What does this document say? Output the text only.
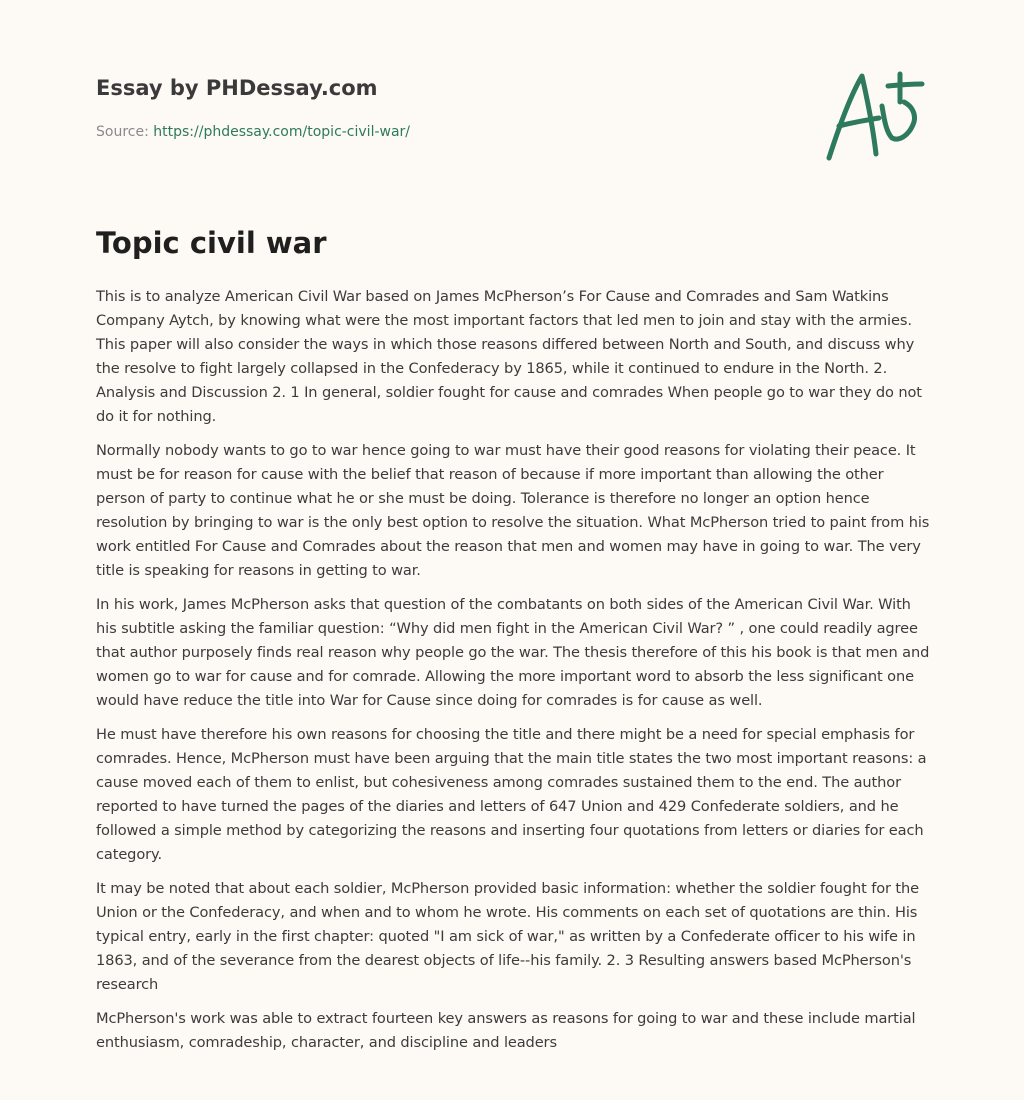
Essay by PHDessay.com
Source: https://phdessay.com/topic-civil-war/
Topic civil war

This is to analyze American Civil War based on James McPherson’s For Cause and Comrades and Sam Watkins Company Aytch, by knowing what were the most important factors that led men to join and stay with the armies. This paper will also consider the ways in which those reasons differed between North and South, and discuss why the resolve to fight largely collapsed in the Confederacy by 1865, while it continued to endure in the North. 2. Analysis and Discussion 2. 1 In general, soldier fought for cause and comrades When people go to war they do not do it for nothing.

Normally nobody wants to go to war hence going to war must have their good reasons for violating their peace. It must be for reason for cause with the belief that reason of because if more important than allowing the other person of party to continue what he or she must be doing. Tolerance is therefore no longer an option hence resolution by bringing to war is the only best option to resolve the situation. What McPherson tried to paint from his work entitled For Cause and Comrades about the reason that men and women may have in going to war. The very title is speaking for reasons in getting to war.

In his work, James McPherson asks that question of the combatants on both sides of the American Civil War. With his subtitle asking the familiar question: “Why did men fight in the American Civil War? ” , one could readily agree that author purposely finds real reason why people go the war. The thesis therefore of this his book is that men and women go to war for cause and for comrade. Allowing the more important word to absorb the less significant one would have reduce the title into War for Cause since doing for comrades is for cause as well.

He must have therefore his own reasons for choosing the title and there might be a need for special emphasis for comrades. Hence, McPherson must have been arguing that the main title states the two most important reasons: a cause moved each of them to enlist, but cohesiveness among comrades sustained them to the end. The author reported to have turned the pages of the diaries and letters of 647 Union and 429 Confederate soldiers, and he followed a simple method by categorizing the reasons and inserting four quotations from letters or diaries for each category.

It may be noted that about each soldier, McPherson provided basic information: whether the soldier fought for the Union or the Confederacy, and when and to whom he wrote. His comments on each set of quotations are thin. His typical entry, early in the first chapter: quoted "I am sick of war," as written by a Confederate officer to his wife in 1863, and of the severance from the dearest objects of life--his family. 2. 3 Resulting answers based McPherson's research

McPherson's work was able to extract fourteen key answers as reasons for going to war and these include martial enthusiasm, comradeship, character, and discipline and leaders
